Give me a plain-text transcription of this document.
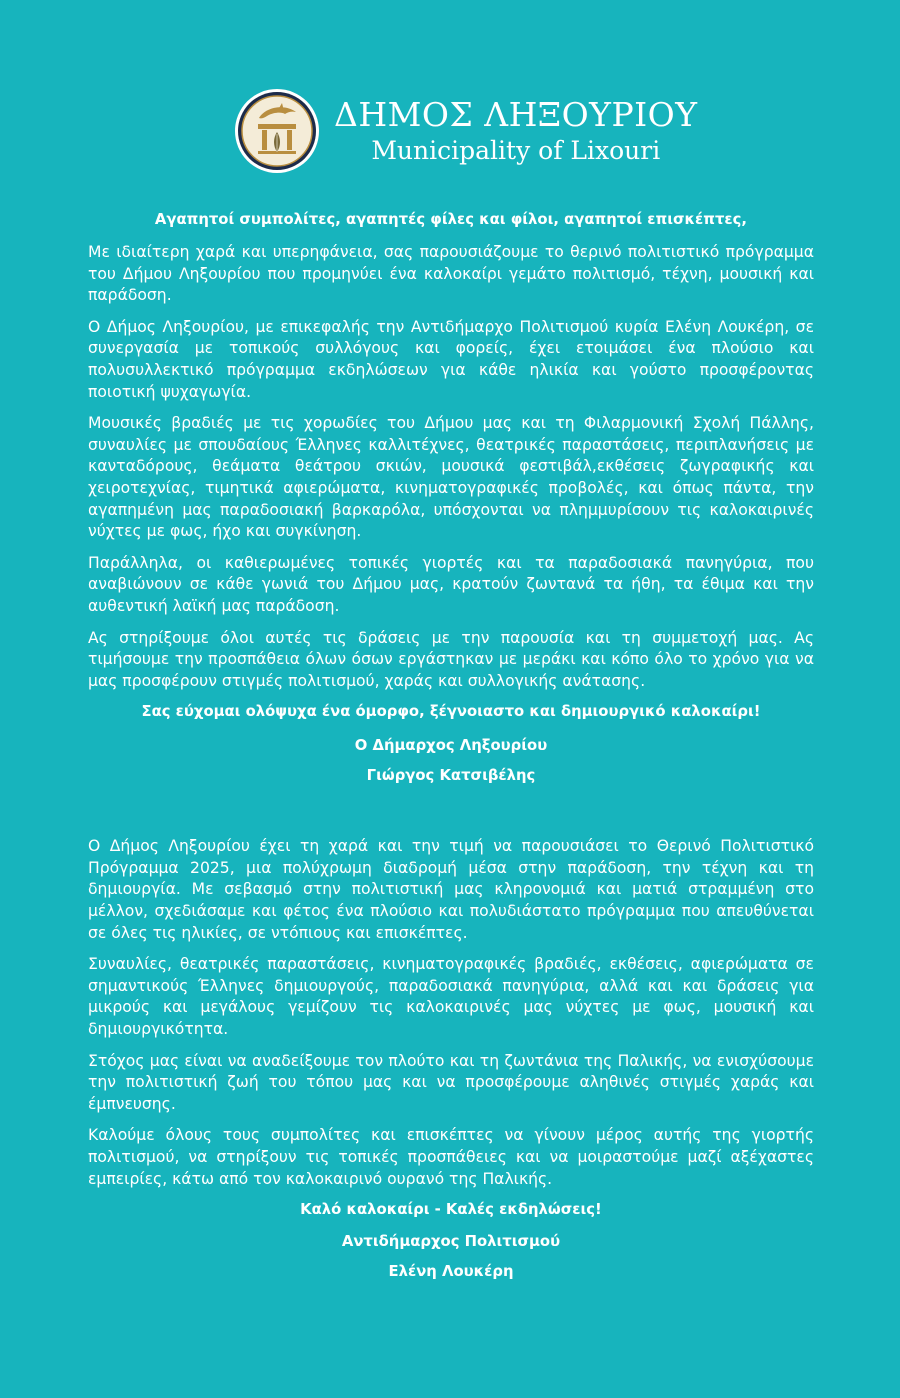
ΔΗΜΟΣ ΛΗΞΟΥΡΙΟΥ
Municipality of Lixouri
Αγαπητοί συμπολίτες, αγαπητές φίλες και φίλοι, αγαπητοί επισκέπτες,

Με ιδιαίτερη χαρά και υπερηφάνεια, σας παρουσιάζουμε το θερινό πολιτιστικό πρόγραμμα του Δήμου Ληξουρίου που προμηνύει ένα καλοκαίρι γεμάτο πολιτισμό, τέχνη, μουσική και παράδοση.

Ο Δήμος Ληξουρίου, με επικεφαλής την Αντιδήμαρχο Πολιτισμού κυρία Ελένη Λουκέρη, σε συνεργασία με τοπικούς συλλόγους και φορείς, έχει ετοιμάσει ένα πλούσιο και πολυσυλλεκτικό πρόγραμμα εκδηλώσεων για κάθε ηλικία και γούστο προσφέροντας ποιοτική ψυχαγωγία.

Μουσικές βραδιές με τις χορωδίες του Δήμου μας και τη Φιλαρμονική Σχολή Πάλλης, συναυλίες με σπουδαίους Έλληνες καλλιτέχνες, θεατρικές παραστάσεις, περιπλανήσεις με κανταδόρους, θεάματα θεάτρου σκιών, μουσικά φεστιβάλ,εκθέσεις ζωγραφικής και χειροτεχνίας, τιμητικά αφιερώματα, κινηματογραφικές προβολές, και όπως πάντα, την αγαπημένη μας παραδοσιακή βαρκαρόλα, υπόσχονται να πλημμυρίσουν τις καλοκαιρινές νύχτες με φως, ήχο και συγκίνηση.

Παράλληλα, οι καθιερωμένες τοπικές γιορτές και τα παραδοσιακά πανηγύρια, που αναβιώνουν σε κάθε γωνιά του Δήμου μας, κρατούν ζωντανά τα ήθη, τα έθιμα και την αυθεντική λαϊκή μας παράδοση.

Ας στηρίξουμε όλοι αυτές τις δράσεις με την παρουσία και τη συμμετοχή μας. Ας τιμήσουμε την προσπάθεια όλων όσων εργάστηκαν με μεράκι και κόπο όλο το χρόνο για να μας προσφέρουν στιγμές πολιτισμού, χαράς και συλλογικής ανάτασης.

Σας εύχομαι ολόψυχα ένα όμορφο, ξέγνοιαστο και δημιουργικό καλοκαίρι!
Ο Δήμαρχος Ληξουρίου
Γιώργος Κατσιβέλης

Ο Δήμος Ληξουρίου έχει τη χαρά και την τιμή να παρουσιάσει το Θερινό Πολιτιστικό Πρόγραμμα 2025, μια πολύχρωμη διαδρομή μέσα στην παράδοση, την τέχνη και τη δημιουργία. Με σεβασμό στην πολιτιστική μας κληρονομιά και ματιά στραμμένη στο μέλλον, σχεδιάσαμε και φέτος ένα πλούσιο και πολυδιάστατο πρόγραμμα που απευθύνεται σε όλες τις ηλικίες, σε ντόπιους και επισκέπτες.

Συναυλίες, θεατρικές παραστάσεις, κινηματογραφικές βραδιές, εκθέσεις, αφιερώματα σε σημαντικούς Έλληνες δημιουργούς, παραδοσιακά πανηγύρια, αλλά και και δράσεις για μικρούς και μεγάλους γεμίζουν τις καλοκαιρινές μας νύχτες με φως, μουσική και δημιουργικότητα.

Στόχος μας είναι να αναδείξουμε τον πλούτο και τη ζωντάνια της Παλικής, να ενισχύσουμε την πολιτιστική ζωή του τόπου μας και να προσφέρουμε αληθινές στιγμές χαράς και έμπνευσης.

Καλούμε όλους τους συμπολίτες και επισκέπτες να γίνουν μέρος αυτής της γιορτής πολιτισμού, να στηρίξουν τις τοπικές προσπάθειες και να μοιραστούμε μαζί αξέχαστες εμπειρίες, κάτω από τον καλοκαιρινό ουρανό της Παλικής.

Καλό καλοκαίρι - Καλές εκδηλώσεις!
Αντιδήμαρχος Πολιτισμού
Ελένη Λουκέρη
